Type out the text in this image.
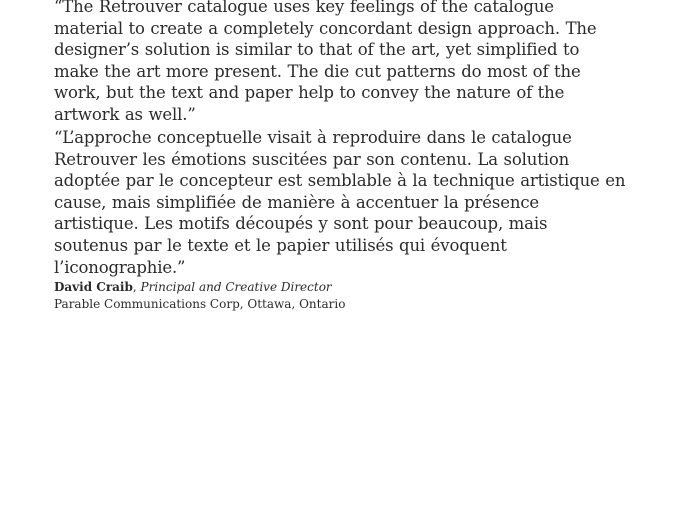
“The Retrouver catalogue uses key feelings of the catalogue material to create a completely concordant design approach. The designer’s solution is similar to that of the art, yet simplified to make the art more present. The die cut patterns do most of the work, but the text and paper help to convey the nature of the artwork as well.”

“L’approche conceptuelle visait à reproduire dans le catalogue Retrouver les émotions suscitées par son contenu. La solution adoptée par le concepteur est semblable à la technique artistique en cause, mais simplifiée de manière à accentuer la présence artistique. Les motifs découpés y sont pour beaucoup, mais soutenus par le texte et le papier utilisés qui évoquent l’iconographie.”

David Craib, Principal and Creative Director
Parable Communications Corp, Ottawa, Ontario
